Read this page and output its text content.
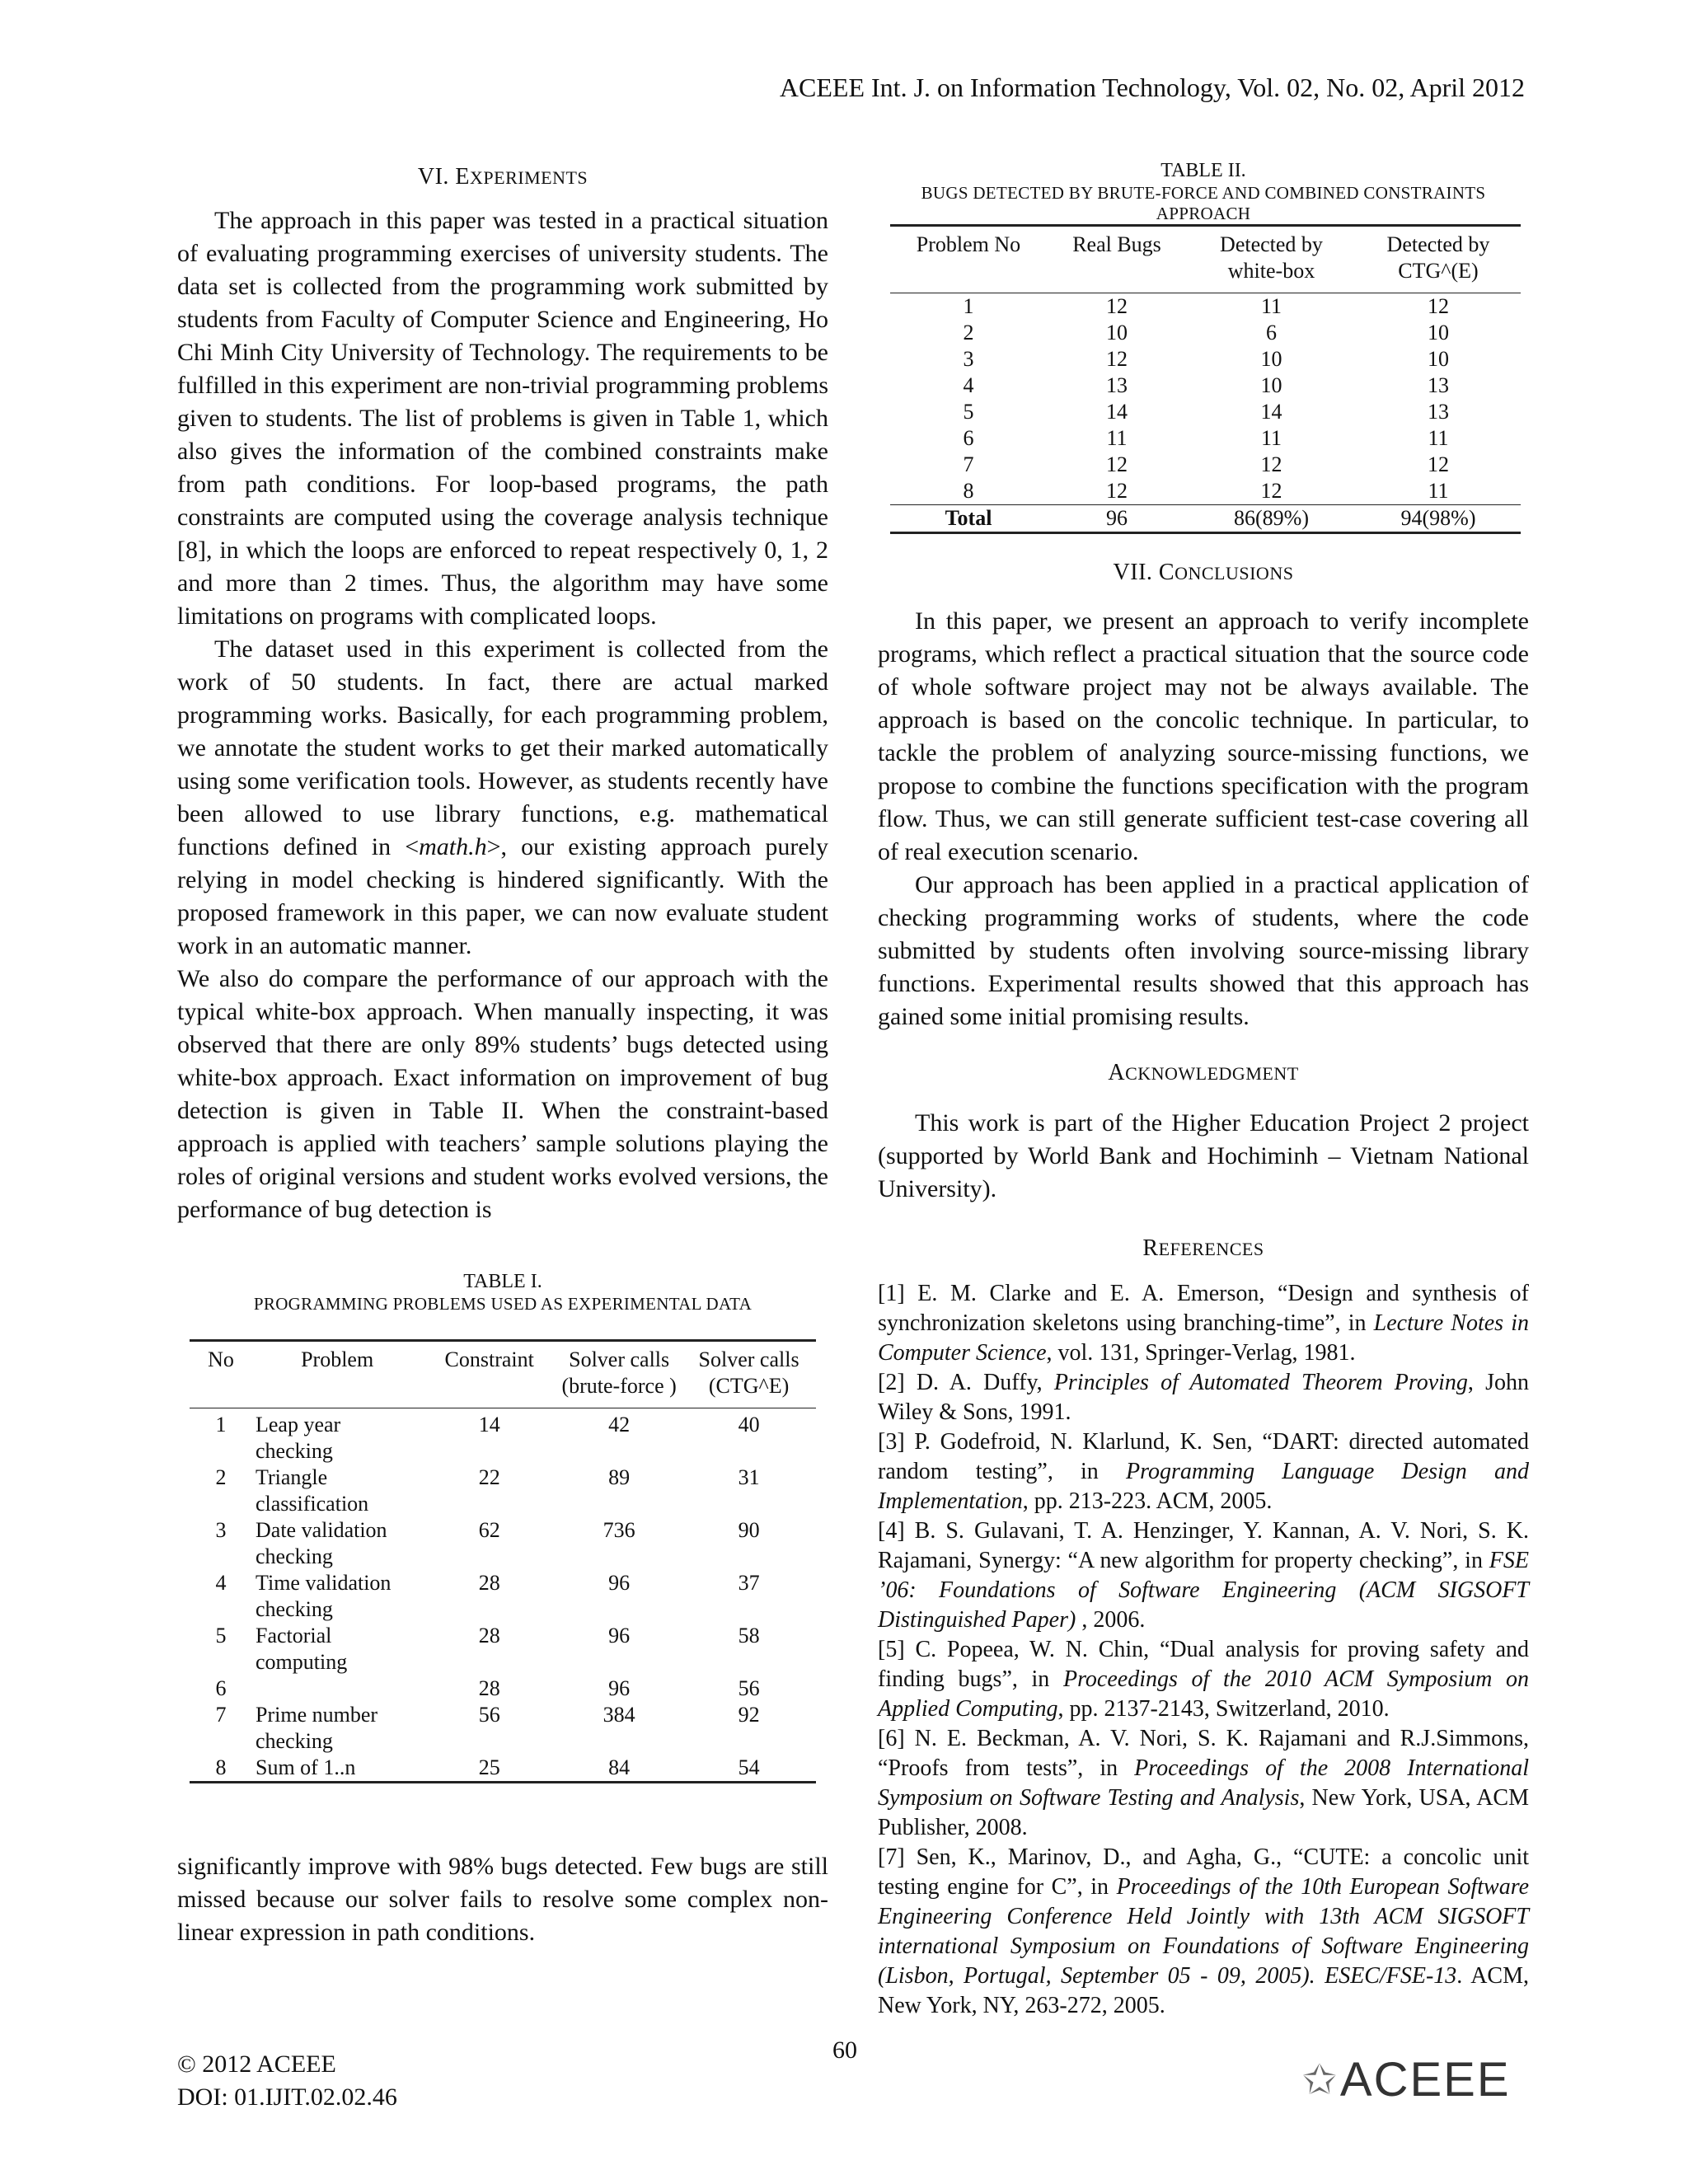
ACEEE Int. J. on Information Technology, Vol. 02, No. 02, April 2012
VI. EXPERIMENTS

The approach in this paper was tested in a practical situation of evaluating programming exercises of university students. The data set is collected from the programming work submitted by students from Faculty of Computer Science and Engineering, Ho Chi Minh City University of Technology. The requirements to be fulfilled in this experiment are non-trivial programming problems given to students. The list of problems is given in Table 1, which also gives the information of the combined constraints make from path conditions. For loop-based programs, the path constraints are computed using the coverage analysis technique [8], in which the loops are enforced to repeat respectively 0, 1, 2 and more than 2 times. Thus, the algorithm may have some limitations on programs with complicated loops.

The dataset used in this experiment is collected from the work of 50 students. In fact, there are actual marked programming works. Basically, for each programming problem, we annotate the student works to get their marked automatically using some verification tools. However, as students recently have been allowed to use library functions, e.g. mathematical functions defined in <math.h>, our existing approach purely relying in model checking is hindered significantly. With the proposed framework in this paper, we can now evaluate student work in an automatic manner.

We also do compare the performance of our approach with the typical white-box approach. When manually inspecting, it was observed that there are only 89% students’ bugs detected using white-box approach. Exact information on improvement of bug detection is given in Table II. When the constraint-based approach is applied with teachers’ sample solutions playing the roles of original versions and student works evolved versions, the performance of bug detection is

TABLE I.
PROGRAMMING PROBLEMS USED AS EXPERIMENTAL DATA
No	Problem	Constraint	Solver calls (brute-force )	Solver calls (CTG^E)
1	Leap year checking	14	42	40
2	Triangle classification	22	89	31
3	Date validation checking	62	736	90
4	Time validation checking	28	96	37
5	Factorial computing	28	96	58
6		28	96	56
7	Prime number checking	56	384	92
8	Sum of 1..n	25	84	54

significantly improve with 98% bugs detected. Few bugs are still missed because our solver fails to resolve some complex non-linear expression in path conditions.

TABLE II.
BUGS DETECTED BY BRUTE-FORCE AND COMBINED CONSTRAINTS APPROACH
Problem No	Real Bugs	Detected by white-box	Detected by CTG^(E)
1	12	11	12
2	10	6	10
3	12	10	10
4	13	10	13
5	14	14	13
6	11	11	11
7	12	12	12
8	12	12	11
Total	96	86(89%)	94(98%)
VII. CONCLUSIONS

In this paper, we present an approach to verify incomplete programs, which reflect a practical situation that the source code of whole software project may not be always available. The approach is based on the concolic technique. In particular, to tackle the problem of analyzing source-missing functions, we propose to combine the functions specification with the program flow. Thus, we can still generate sufficient test-case covering all of real execution scenario.

Our approach has been applied in a practical application of checking programming works of students, where the code submitted by students often involving source-missing library functions. Experimental results showed that this approach has gained some initial promising results.

ACKNOWLEDGMENT

This work is part of the Higher Education Project 2 project (supported by World Bank and Hochiminh – Vietnam National University).

REFERENCES

[1] E. M. Clarke and E. A. Emerson, “Design and synthesis of synchronization skeletons using branching-time”, in Lecture Notes in Computer Science, vol. 131, Springer-Verlag, 1981.

[2] D. A. Duffy, Principles of Automated Theorem Proving, John Wiley & Sons, 1991.

[3] P. Godefroid, N. Klarlund, K. Sen, “DART: directed automated random testing”, in Programming Language Design and Implementation, pp. 213-223. ACM, 2005.

[4] B. S. Gulavani, T. A. Henzinger, Y. Kannan, A. V. Nori, S. K. Rajamani, Synergy: “A new algorithm for property checking”, in FSE ’06: Foundations of Software Engineering (ACM SIGSOFT Distinguished Paper) , 2006.

[5] C. Popeea, W. N. Chin, “Dual analysis for proving safety and finding bugs”, in Proceedings of the 2010 ACM Symposium on Applied Computing, pp. 2137-2143, Switzerland, 2010.

[6] N. E. Beckman, A. V. Nori, S. K. Rajamani and R.J.Simmons, “Proofs from tests”, in Proceedings of the 2008 International Symposium on Software Testing and Analysis, New York, USA, ACM Publisher, 2008.

[7] Sen, K., Marinov, D., and Agha, G., “CUTE: a concolic unit testing engine for C”, in Proceedings of the 10th European Software Engineering Conference Held Jointly with 13th ACM SIGSOFT international Symposium on Foundations of Software Engineering (Lisbon, Portugal, September 05 - 09, 2005). ESEC/FSE-13. ACM, New York, NY, 263-272, 2005.

© 2012 ACEEE
DOI: 01.IJIT.02.02.46
60
✩ ACEEE
